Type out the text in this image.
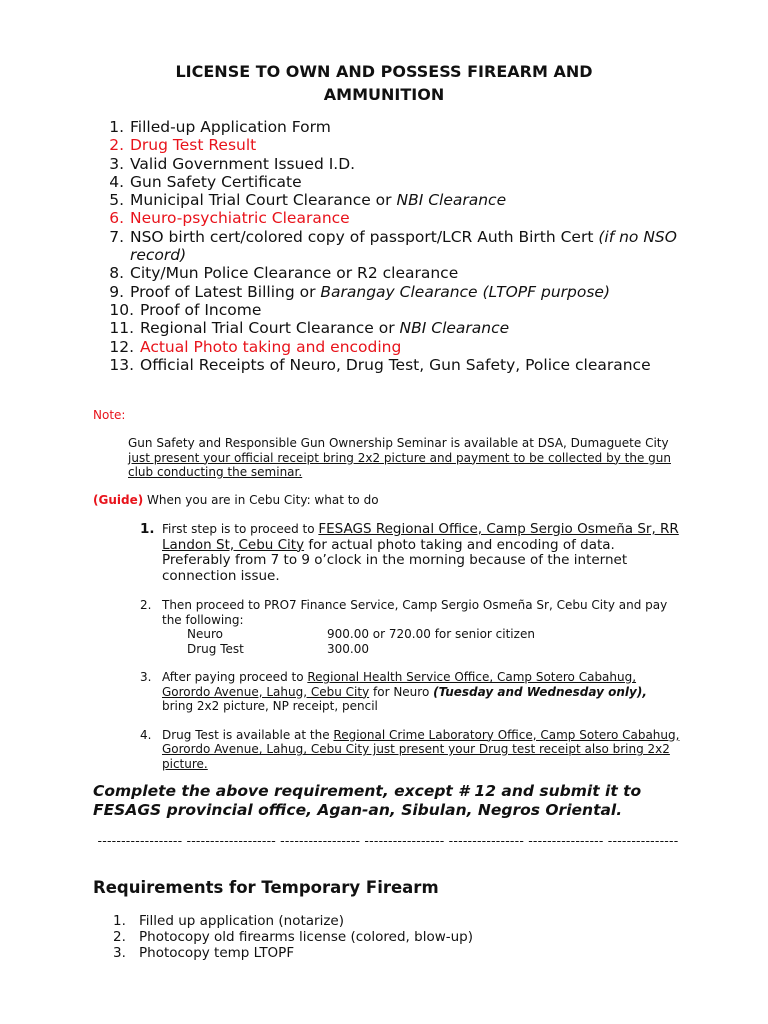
LICENSE TO OWN AND POSSESS FIREARM AND
AMMUNITION
1. Filled-up Application Form
2. Drug Test Result
3. Valid Government Issued I.D.
4. Gun Safety Certificate
5. Municipal Trial Court Clearance or NBI Clearance
6. Neuro-psychiatric Clearance
7. NSO birth cert/colored copy of passport/LCR Auth Birth Cert (if no NSO record)
8. City/Mun Police Clearance or R2 clearance
9. Proof of Latest Billing or Barangay Clearance (LTOPF purpose)
10. Proof of Income
11. Regional Trial Court Clearance or NBI Clearance
12. Actual Photo taking and encoding
13. Official Receipts of Neuro, Drug Test, Gun Safety, Police clearance

Note:

Gun Safety and Responsible Gun Ownership Seminar is available at DSA, Dumaguete City just present your official receipt bring 2x2 picture and payment to be collected by the gun club conducting the seminar.

(Guide) When you are in Cebu City: what to do

1. First step is to proceed to FESAGS Regional Office, Camp Sergio Osmeña Sr, RR Landon St, Cebu City for actual photo taking and encoding of data. Preferably from 7 to 9 o’clock in the morning because of the internet connection issue.
2. Then proceed to PRO7 Finance Service, Camp Sergio Osmeña Sr, Cebu City and pay the following:
Neuro	900.00 or 720.00 for senior citizen
Drug Test	300.00
3. After paying proceed to Regional Health Service Office, Camp Sotero Cabahug, Gorordo Avenue, Lahug, Cebu City for Neuro (Tuesday and Wednesday only), bring 2x2 picture, NP receipt, pencil
4. Drug Test is available at the Regional Crime Laboratory Office, Camp Sotero Cabahug, Gorordo Avenue, Lahug, Cebu City just present your Drug test receipt also bring 2x2 picture.

Complete the above requirement, except # 12 and submit it to FESAGS provincial office, Agan-an, Sibulan, Negros Oriental.

------------------ ------------------- ----------------- ----------------- ---------------- ---------------- ---------------

Requirements for Temporary Firearm
1. Filled up application (notarize)
2. Photocopy old firearms license (colored, blow-up)
3. Photocopy temp LTOPF
